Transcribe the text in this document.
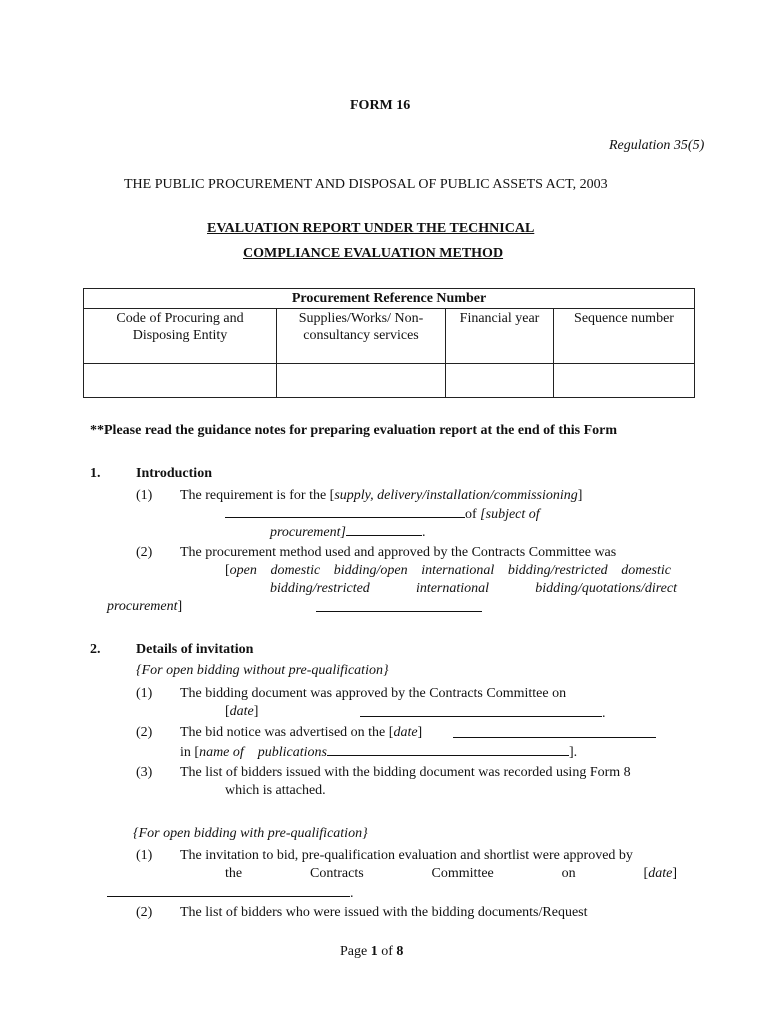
FORM 16
Regulation 35(5)
THE PUBLIC PROCUREMENT AND DISPOSAL OF PUBLIC ASSETS ACT, 2003
EVALUATION REPORT UNDER THE TECHNICAL
COMPLIANCE EVALUATION METHOD
Procurement Reference Number			
Code of Procuring and Disposing Entity	Supplies/Works/ Non-consultancy services	Financial year	Sequence number

**Please read the guidance notes for preparing evaluation report at the end of this Form
1.	Introduction
(1) The requirement is for the [supply, delivery/installation/commissioning]
of [subject of
procurement]	.
(2) The procurement method used and approved by the Contracts Committee was
[open domestic bidding/open international bidding/restricted domestic
bidding/restricted	international	bidding/quotations/direct
procurement]
2.	Details of invitation
{For open bidding without pre-qualification}
(1) The bidding document was approved by the Contracts Committee on
[date]	.
(2) The bid notice was advertised on the [date]
in [name of publications	].
(3) The list of bidders issued with the bidding document was recorded using Form 8
which is attached.
{For open bidding with pre-qualification}
(1) The invitation to bid, pre-qualification evaluation and shortlist were approved by
the	Contracts	Committee	on	[date]
.
(2) The list of bidders who were issued with the bidding documents/Request
Page 1 of 8
